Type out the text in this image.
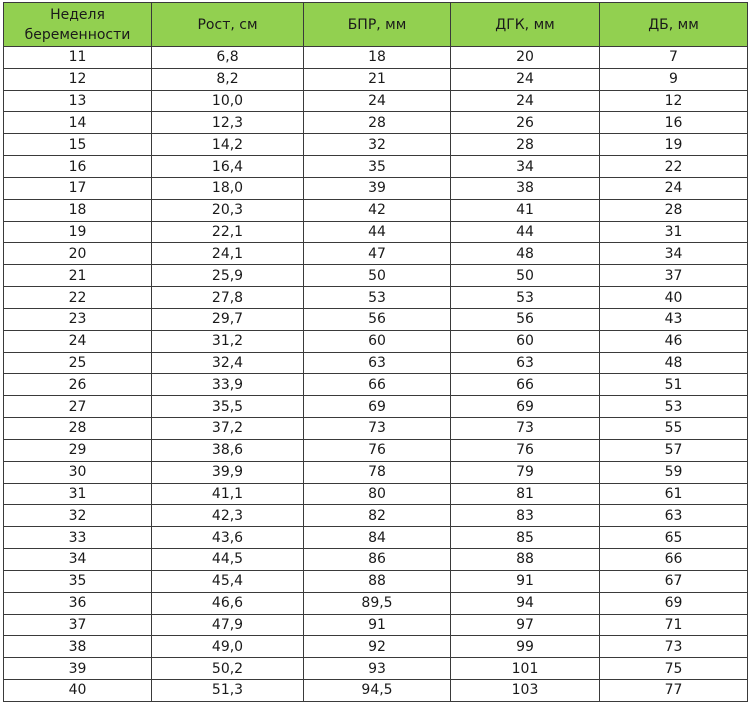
Неделя беременности	Рост, см	БПР, мм	ДГК, мм	ДБ, мм
11	6,8	18	20	7
12	8,2	21	24	9
13	10,0	24	24	12
14	12,3	28	26	16
15	14,2	32	28	19
16	16,4	35	34	22
17	18,0	39	38	24
18	20,3	42	41	28
19	22,1	44	44	31
20	24,1	47	48	34
21	25,9	50	50	37
22	27,8	53	53	40
23	29,7	56	56	43
24	31,2	60	60	46
25	32,4	63	63	48
26	33,9	66	66	51
27	35,5	69	69	53
28	37,2	73	73	55
29	38,6	76	76	57
30	39,9	78	79	59
31	41,1	80	81	61
32	42,3	82	83	63
33	43,6	84	85	65
34	44,5	86	88	66
35	45,4	88	91	67
36	46,6	89,5	94	69
37	47,9	91	97	71
38	49,0	92	99	73
39	50,2	93	101	75
40	51,3	94,5	103	77
